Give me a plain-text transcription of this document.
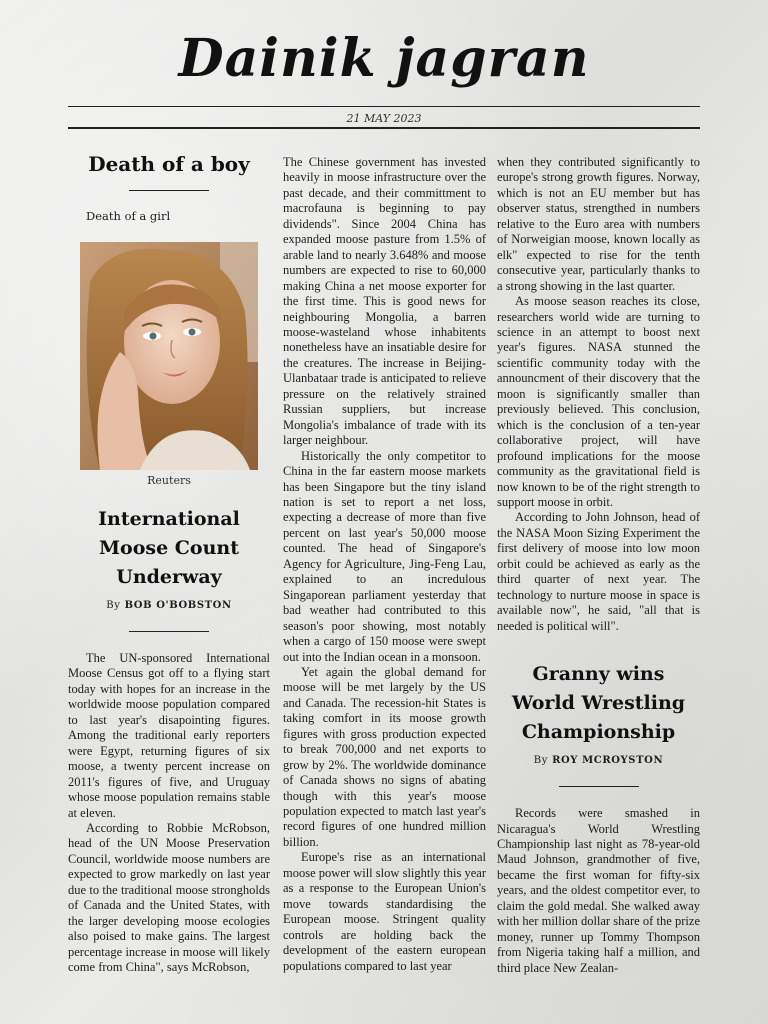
Dainik jagran
21 MAY 2023
Death of a boy

Death of a girl

Reuters
International
Moose Count
Underway
By BOB O'BOBSTON

The UN-sponsored International Moose Census got off to a flying start today with hopes for an increase in the worldwide moose population compared to last year's disapointing figures. Among the traditional early reporters were Egypt, returning figures of six moose, a twenty percent increase on 2011's figures of five, and Uruguay whose moose population remains stable at eleven.

According to Robbie McRobson, head of the UN Moose Preservation Council, worldwide moose numbers are expected to grow markedly on last year due to the traditional moose strongholds of Canada and the United States, with the larger developing moose ecologies also poised to make gains. The largest percentage increase in moose will likely come from China", says McRobson,

The Chinese government has invested heavily in moose infrastructure over the past decade, and their committment to macrofauna is beginning to pay dividends". Since 2004 China has expanded moose pasture from 1.5% of arable land to nearly 3.648% and moose numbers are expected to rise to 60,000 making China a net moose exporter for the first time. This is good news for neighbouring Mongolia, a barren moose-wasteland whose inhabitents nonetheless have an insatiable desire for the creatures. The increase in Beijing-Ulanbataar trade is anticipated to relieve pressure on the relatively strained Russian suppliers, but increase Mongolia's imbalance of trade with its larger neighbour.

Historically the only competitor to China in the far eastern moose markets has been Singapore but the tiny island nation is set to report a net loss, expecting a decrease of more than five percent on last year's 50,000 moose counted. The head of Singapore's Agency for Agriculture, Jing-Feng Lau, explained to an incredulous Singaporean parliament yesterday that bad weather had contributed to this season's poor showing, most notably when a cargo of 150 moose were swept out into the Indian ocean in a monsoon.

Yet again the global demand for moose will be met largely by the US and Canada. The recession-hit States is taking comfort in its moose growth figures with gross production expected to break 700,000 and net exports to grow by 2%. The worldwide dominance of Canada shows no signs of abating though with this year's moose population expected to match last year's record figures of one hundred million billion.

Europe's rise as an international moose power will slow slightly this year as a response to the European Union's move towards standardising the European moose. Stringent quality controls are holding back the development of the eastern european populations compared to last year

when they contributed significantly to europe's strong growth figures. Norway, which is not an EU member but has observer status, strengthed in numbers relative to the Euro area with numbers of Norweigian moose, known locally as elk" expected to rise for the tenth consecutive year, particularly thanks to a strong showing in the last quarter.

As moose season reaches its close, researchers world wide are turning to science in an attempt to boost next year's figures. NASA stunned the scientific community today with the announcment of their discovery that the moon is significantly smaller than previously believed. This conclusion, which is the conclusion of a ten-year collaborative project, will have profound implications for the moose community as the gravitational field is now known to be of the right strength to support moose in orbit.

According to John Johnson, head of the NASA Moon Sizing Experiment the first delivery of moose into low moon orbit could be achieved as early as the third quarter of next year. The technology to nurture moose in space is available now", he said, "all that is needed is political will".

Granny wins
World Wrestling
Championship
By ROY MCROYSTON

Records were smashed in Nicaragua's World Wrestling Championship last night as 78-year-old Maud Johnson, grandmother of five, became the first woman for fifty-six years, and the oldest competitor ever, to claim the gold medal. She walked away with her million dollar share of the prize money, runner up Tommy Thompson from Nigeria taking half a million, and third place New Zealan-
